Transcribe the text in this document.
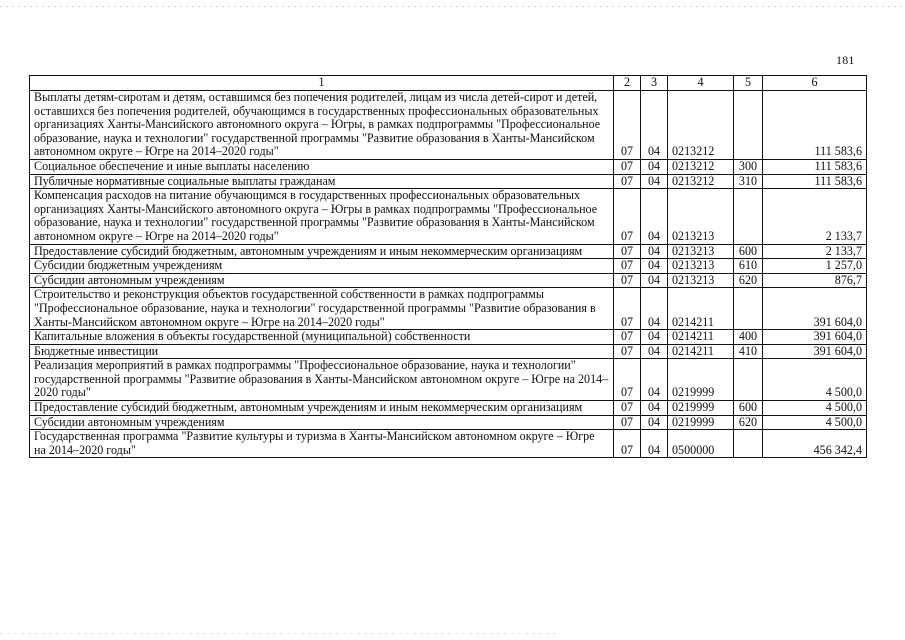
181
1	2	3	4	5	6
Выплаты детям-сиротам и детям, оставшимся без попечения родителей, лицам из числа детей-сирот и детей, оставшихся без попечения родителей, обучающимся в государственных профессиональных образовательных организациях Ханты-Мансийского автономного округа – Югры, в рамках подпрограммы "Профессиональное образование, наука и технологии" государственной программы "Развитие образования в Ханты-Мансийском автономном округе – Югре на 2014–2020 годы"	07	04	0213212		111 583,6
Социальное обеспечение и иные выплаты населению	07	04	0213212	300	111 583,6
Публичные нормативные социальные выплаты гражданам	07	04	0213212	310	111 583,6
Компенсация расходов на питание обучающимся в государственных профессиональных образовательных организациях Ханты-Мансийского автономного округа – Югры в рамках подпрограммы "Профессиональное образование, наука и технологии" государственной программы "Развитие образования в Ханты-Мансийском автономном округе – Югре на 2014–2020 годы"	07	04	0213213		2 133,7
Предоставление субсидий бюджетным, автономным учреждениям и иным некоммерческим организациям	07	04	0213213	600	2 133,7
Субсидии бюджетным учреждениям	07	04	0213213	610	1 257,0
Субсидии автономным учреждениям	07	04	0213213	620	876,7
Строительство и реконструкция объектов государственной собственности в рамках подпрограммы "Профессиональное образование, наука и технологии" государственной программы "Развитие образования в Ханты-Мансийском автономном округе – Югре на 2014–2020 годы"	07	04	0214211		391 604,0
Капитальные вложения в объекты государственной (муниципальной) собственности	07	04	0214211	400	391 604,0
Бюджетные инвестиции	07	04	0214211	410	391 604,0
Реализация мероприятий в рамках подпрограммы "Профессиональное образование, наука и технологии" государственной программы "Развитие образования в Ханты-Мансийском автономном округе – Югре на 2014–2020 годы"	07	04	0219999		4 500,0
Предоставление субсидий бюджетным, автономным учреждениям и иным некоммерческим организациям	07	04	0219999	600	4 500,0
Субсидии автономным учреждениям	07	04	0219999	620	4 500,0
Государственная программа "Развитие культуры и туризма в Ханты-Мансийском автономном округе – Югре на 2014–2020 годы"	07	04	0500000		456 342,4
